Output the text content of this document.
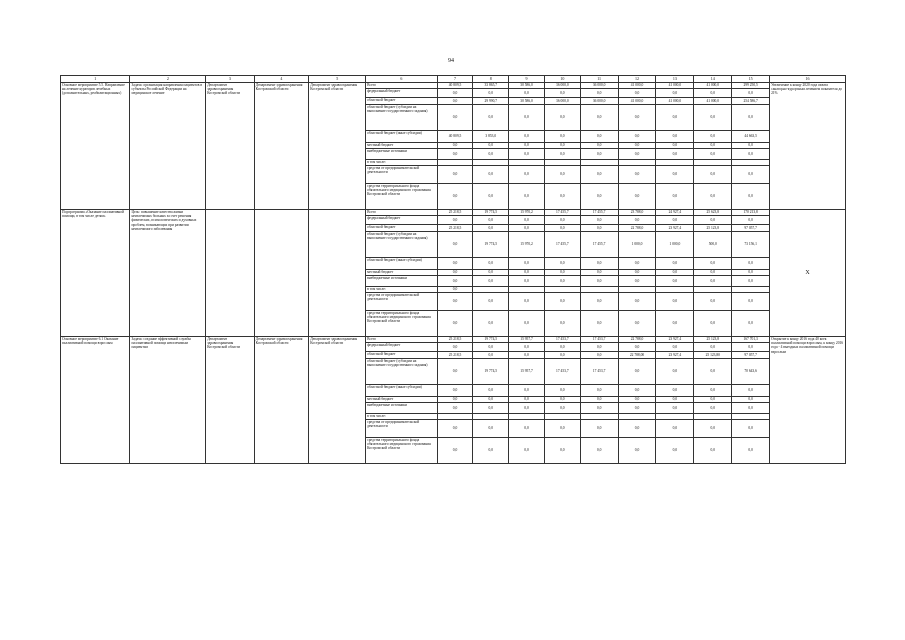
94
1	2	3	4	5	6	7	8	9	10	11	12	13	14	15	16
Основное мероприятие 5.5. Направление на лечение кураторов лечебных (дополнительных, реабилитационных)	Задача: организация направления пациентов в субъекты Российской Федерации на медицинское лечение	Департамент здравоохранения Костромской области	Департамент здравоохранения Костромской области	Департамент здравоохранения Костромской области	Всего	40 809,5	33 865,7	30 586,0	36 000,0	36 000,0	41 000,0	41 000,0	41 000,0	299 250,5	Увеличение к концу 2020 года охвата санаторно-курортным лечением показателя до 21%
					федеральный бюджет	0,0	0,0	0,0	0,0	0,0	0,0	0,0	0,0	0,0	
					областной бюджет	0,0	29 990,7	30 586,0	36 000,0	36 000,0	41 000,0	41 000,0	41 000,0	254 586,7	
					областной бюджет (субсидии на выполнение государственного задания)	0,0	0,0	0,0	0,0	0,0	0,0	0,0	0,0	0,0	
					областной бюджет (иные субсидии)	40 809,5	3 853,0	0,0	0,0	0,0	0,0	0,0	0,0	44 663,5	
					местный бюджет	0,0	0,0	0,0	0,0	0,0	0,0	0,0	0,0	0,0	
					внебюджетные источники	0,0	0,0	0,0	0,0	0,0	0,0	0,0	0,0	0,0	
					в том числе:										
					средства от предпринимательской деятельности	0,0	0,0	0,0	0,0	0,0	0,0	0,0	0,0	0,0	
					средства территориального фонда обязательного медицинского страхования Костромской области	0,0	0,0	0,0	0,0	0,0	0,0	0,0	0,0	0,0	
Подпрограмма «Оказание паллиативной помощи, в том числе детям»	Цель: повышение качества жизни неизлечимых больных за счет решения физических, психологических и духовных проблем, возникающих при развитии неизлечимого заболевания				Всего	25 218,5	19 774,5	15 970,2	17 455,7	17 455,7	23 788,0	24 927,4	25 623,8	170 213,8	X
					федеральный бюджет	0,0	0,0	0,0	0,0	0,0	0,0	0,0	0,0	0,0	
					областной бюджет	25 218,5	0,0	0,0	0,0	0,0	22 788,0	23 927,4	25 123,8	97 057,7	
					областной бюджет (субсидии на выполнение государственного задания)	0,0	19 774,5	15 970,2	17 455,7	17 455,7	1 000,0	1 000,0	500,0	73 156,1	
					областной бюджет (иные субсидии)	0,0	0,0	0,0	0,0	0,0	0,0	0,0	0,0	0,0	
					местный бюджет	0,0	0,0	0,0	0,0	0,0	0,0	0,0	0,0	0,0	
					внебюджетные источники	0,0	0,0	0,0	0,0	0,0	0,0	0,0	0,0	0,0	
					в том числе:	0,0									
					средства от предпринимательской деятельности	0,0	0,0	0,0	0,0	0,0	0,0	0,0	0,0	0,0	
					средства территориального фонда обязательного медицинского страхования Костромской области	0,0	0,0	0,0	0,0	0,0	0,0	0,0	0,0	0,0	
Основное мероприятие 6.1 Оказание паллиативной помощи взрослым	Задача: создание эффективной службы паллиативной помощи неизлечимым пациентам	Департамент здравоохранения Костромской области	Департамент здравоохранения Костромской области	Департамент здравоохранения Костромской области	Всего	25 218,5	19 774,5	15 957,7	17 453,7	17 453,7	22 788,0	23 927,4	25 123,8	167 701,3	Открытие к концу 2016 года 40 коек паллиативной помощи взрослым, к концу 2016 года - 4 выездных паллиативной помощи взрослым
					федеральный бюджет	0,0	0,0	0,0	0,0	0,0	0,0	0,0	0,0	0,0	
					областной бюджет	25 218,5	0,0	0,0	0,0	0,0	22 788,00	23 927,4	25 123,80	97 057,7	
					областной бюджет (субсидии на выполнение государственного задания)	0,0	19 774,5	15 957,7	17 453,7	17 453,7	0,0	0,0	0,0	70 643,6	
					областной бюджет (иные субсидии)	0,0	0,0	0,0	0,0	0,0	0,0	0,0	0,0	0,0	
					местный бюджет	0,0	0,0	0,0	0,0	0,0	0,0	0,0	0,0	0,0	
					внебюджетные источники	0,0	0,0	0,0	0,0	0,0	0,0	0,0	0,0	0,0	
					в том числе:										
					средства от предпринимательской деятельности	0,0	0,0	0,0	0,0	0,0	0,0	0,0	0,0	0,0	
					средства территориального фонда обязательного медицинского страхования Костромской области	0,0	0,0	0,0	0,0	0,0	0,0	0,0	0,0	0,0	
